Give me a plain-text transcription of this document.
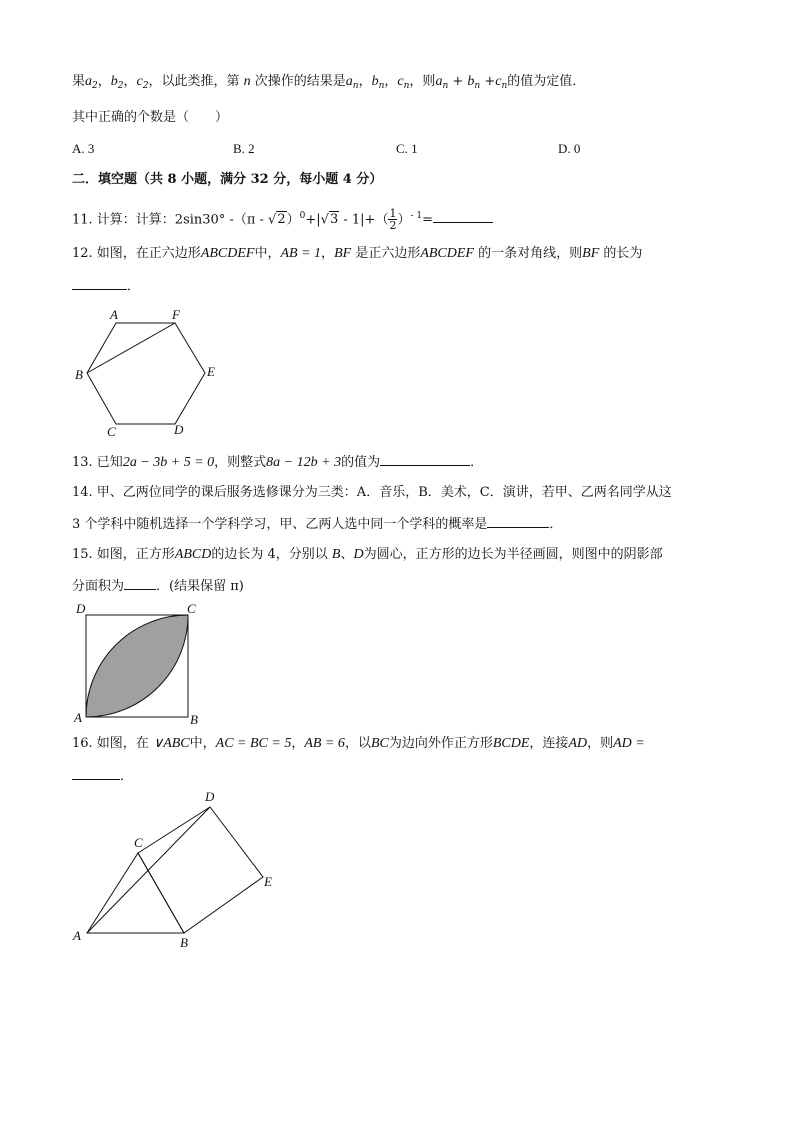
果$a_2$，$b_2$，$c_2$，以此类推，第 n 次操作的结果是$a_n$，$b_n$，$c_n$，则$a_n + b_n +c_n$的值为定值．
其中正确的个数是（　　）
A. 3	B. 2	C. 1	D. 0
二．填空题（共 8 小题，满分 32 分，每小题 4 分）
11. 计算：计算：2sin30° $-(\pi - √2)^0+|√3 - 1|+( \frac{1}{2} )^{- 1}=$
12. 如图，在正六边形ABCDEF中，AB = 1，BF 是正六边形ABCDEF 的一条对角线，则BF 的长为
．
A	F
B	E
C	D
13. 已知2a − 3b + 5 = 0，则整式8a − 12b + 3的值为	．
14. 甲、乙两位同学的课后服务选修课分为三类：A．音乐，B．美术，C．演讲，若甲、乙两名同学从这
3 个学科中随机选择一个学科学习，甲、乙两人选中同一个学科的概率是	．
15. 如图，正方形ABCD的边长为 4，分别以 B、D为圆心，正方形的边长为半径画圆，则图中的阴影部
分面积为 ．(结果保留 π)
D	C
A	B
16. 如图，在 ∨ABC中，AC = BC = 5，AB = 6，以BC为边向外作正方形BCDE，连接AD，则AD =
．
A	B
C
D
E
